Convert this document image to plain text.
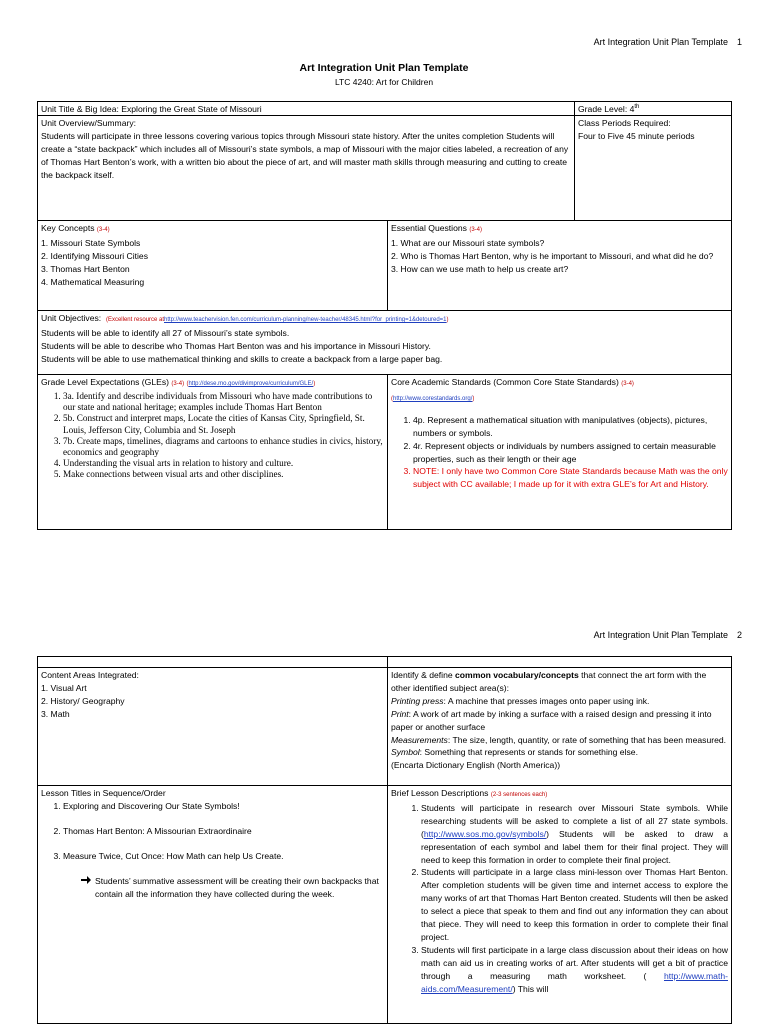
Art Integration Unit Plan Template 1
Art Integration Unit Plan Template
LTC 4240: Art for Children
Unit Title & Big Idea: Exploring the Great State of Missouri	Grade Level: 4th
Unit Overview/Summary:
Students will participate in three lessons covering various topics through Missouri state history. After the unites completion Students will create a “state backpack” which includes all of Missouri’s state symbols, a map of Missouri with the major cities labeled, a recreation of any of Thomas Hart Benton’s work, with a written bio about the piece of art, and will master math skills through measuring and cutting to create the backpack itself.
Class Periods Required:
Four to Five 45 minute periods
Key Concepts (3-4)
1. Missouri State Symbols
2. Identifying Missouri Cities
3. Thomas Hart Benton
4. Mathematical Measuring
Essential Questions (3-4)
1. What are our Missouri state symbols?
2. Who is Thomas Hart Benton, why is he important to Missouri, and what did he do?
3. How can we use math to help us create art?
Unit Objectives: (Excellent resource athttp://www.teachervision.fen.com/curriculum-planning/new-teacher/48345.html?for_printing=1&detoured=1)
Students will be able to identify all 27 of Missouri’s state symbols.
Students will be able to describe who Thomas Hart Benton was and his importance in Missouri History.
Students will be able to use mathematical thinking and skills to create a backpack from a large paper bag.
Grade Level Expectations (GLEs) (3-4) (http://dese.mo.gov/divimprove/curriculum/GLE/)
1. 3a. Identify and describe individuals from Missouri who have made contributions to our state and national heritage; examples include Thomas Hart Benton
2. 5b. Construct and interpret maps, Locate the cities of Kansas City, Springfield, St. Louis, Jefferson City, Columbia and St. Joseph
3. 7b. Create maps, timelines, diagrams and cartoons to enhance studies in civics, history, economics and geography
4. Understanding the visual arts in relation to history and culture.
5. Make connections between visual arts and other disciplines.
Core Academic Standards (Common Core State Standards) (3-4)
(http://www.corestandards.org/)
1. 4p. Represent a mathematical situation with manipulatives (objects), pictures, numbers or symbols.
2. 4r. Represent objects or individuals by numbers assigned to certain measurable properties, such as their length or their age
3. NOTE: I only have two Common Core State Standards because Math was the only subject with CC available; I made up for it with extra GLE’s for Art and History.
Art Integration Unit Plan Template 2
Content Areas Integrated:
1. Visual Art
2. History/ Geography
3. Math
Identify & define common vocabulary/concepts that connect the art form with the other identified subject area(s):
Printing press: A machine that presses images onto paper using ink.
Print: A work of art made by inking a surface with a raised design and pressing it into paper or another surface
Measurements: The size, length, quantity, or rate of something that has been measured.
Symbol: Something that represents or stands for something else.
(Encarta Dictionary English (North America))
Lesson Titles in Sequence/Order
1. Exploring and Discovering Our State Symbols!
2. Thomas Hart Benton: A Missourian Extraordinaire
3. Measure Twice, Cut Once: How Math can help Us Create.
Students’ summative assessment will be creating their own backpacks that contain all the information they have collected during the week.
Brief Lesson Descriptions (2-3 sentences each)
1. Students will participate in research over Missouri State symbols. While researching students will be asked to complete a list of all 27 state symbols. (http://www.sos.mo.gov/symbols/) Students will be asked to draw a representation of each symbol and label them for their final project. They will need to keep this formation in order to complete their final project.
2. Students will participate in a large class mini-lesson over Thomas Hart Benton. After completion students will be given time and internet access to explore the many works of art that Thomas Hart Benton created. Students will then be asked to select a piece that speak to them and find out any information they can about that piece. They will need to keep this formation in order to complete their final project.
3. Students will first participate in a large class discussion about their ideas on how math can aid us in creating works of art. After students will get a bit of practice through a measuring math worksheet. ( http://www.math-aids.com/Measurement/) This will
